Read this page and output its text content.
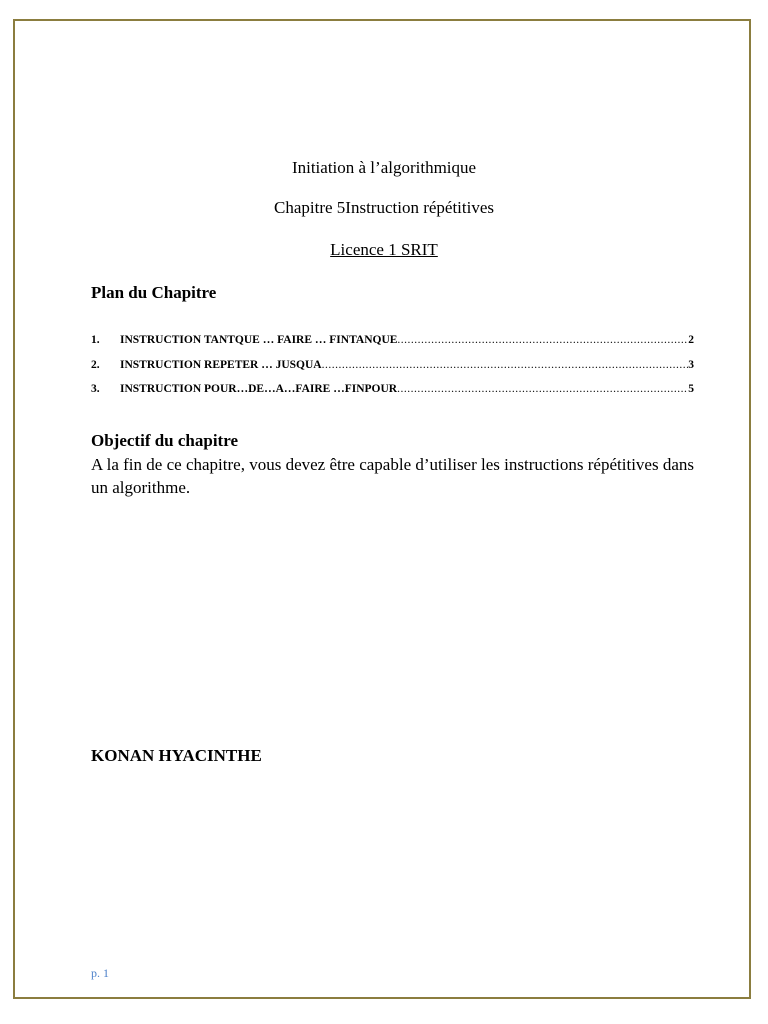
Initiation à l’algorithmique
Chapitre 5Instruction répétitives
Licence 1 SRIT
Plan du Chapitre
1.	INSTRUCTION TANTQUE … FAIRE … FINTANQUE .....	2
2.	INSTRUCTION REPETER … JUSQUA .....	3
3.	INSTRUCTION POUR…DE…A…FAIRE …FINPOUR .....	5
Objectif du chapitre
A la fin de ce chapitre, vous devez être capable d’utiliser les instructions répétitives dans un algorithme.
KONAN HYACINTHE
p. 1
